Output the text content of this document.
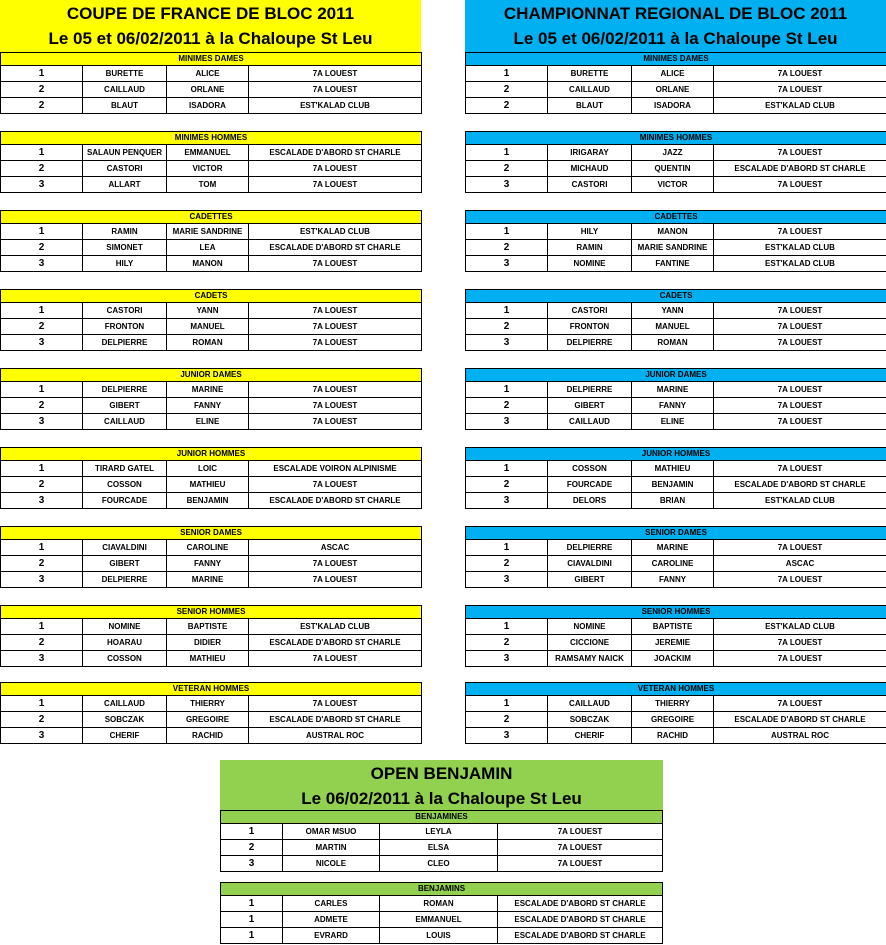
COUPE DE FRANCE DE BLOC 2011
Le 05 et 06/02/2011 à la Chaloupe St Leu
CHAMPIONNAT REGIONAL DE BLOC 2011
Le 05 et 06/02/2011 à la Chaloupe St Leu
OPEN BENJAMIN
Le 06/02/2011 à la Chaloupe St Leu
MINIMES DAMES			
1	BURETTE	ALICE	7A LOUEST
2	CAILLAUD	ORLANE	7A LOUEST
2	BLAUT	ISADORA	EST'KALAD CLUB
MINIMES DAMES			
1	BURETTE	ALICE	7A LOUEST
2	CAILLAUD	ORLANE	7A LOUEST
2	BLAUT	ISADORA	EST'KALAD CLUB
MINIMES HOMMES			
1	SALAUN PENQUER	EMMANUEL	ESCALADE D'ABORD ST CHARLE
2	CASTORI	VICTOR	7A LOUEST
3	ALLART	TOM	7A LOUEST
MINIMES HOMMES			
1	IRIGARAY	JAZZ	7A LOUEST
2	MICHAUD	QUENTIN	ESCALADE D'ABORD ST CHARLE
3	CASTORI	VICTOR	7A LOUEST
CADETTES			
1	RAMIN	MARIE SANDRINE	EST'KALAD CLUB
2	SIMONET	LEA	ESCALADE D'ABORD ST CHARLE
3	HILY	MANON	7A LOUEST
CADETTES			
1	HILY	MANON	7A LOUEST
2	RAMIN	MARIE SANDRINE	EST'KALAD CLUB
3	NOMINE	FANTINE	EST'KALAD CLUB
CADETS			
1	CASTORI	YANN	7A LOUEST
2	FRONTON	MANUEL	7A LOUEST
3	DELPIERRE	ROMAN	7A LOUEST
CADETS			
1	CASTORI	YANN	7A LOUEST
2	FRONTON	MANUEL	7A LOUEST
3	DELPIERRE	ROMAN	7A LOUEST
JUNIOR DAMES			
1	DELPIERRE	MARINE	7A LOUEST
2	GIBERT	FANNY	7A LOUEST
3	CAILLAUD	ELINE	7A LOUEST
JUNIOR DAMES			
1	DELPIERRE	MARINE	7A LOUEST
2	GIBERT	FANNY	7A LOUEST
3	CAILLAUD	ELINE	7A LOUEST
JUNIOR HOMMES			
1	TIRARD GATEL	LOIC	ESCALADE VOIRON ALPINISME
2	COSSON	MATHIEU	7A LOUEST
3	FOURCADE	BENJAMIN	ESCALADE D'ABORD ST CHARLE
JUNIOR HOMMES			
1	COSSON	MATHIEU	7A LOUEST
2	FOURCADE	BENJAMIN	ESCALADE D'ABORD ST CHARLE
3	DELORS	BRIAN	EST'KALAD CLUB
SENIOR DAMES			
1	CIAVALDINI	CAROLINE	ASCAC
2	GIBERT	FANNY	7A LOUEST
3	DELPIERRE	MARINE	7A LOUEST
SENIOR DAMES			
1	DELPIERRE	MARINE	7A LOUEST
2	CIAVALDINI	CAROLINE	ASCAC
3	GIBERT	FANNY	7A LOUEST
SENIOR HOMMES			
1	NOMINE	BAPTISTE	EST'KALAD CLUB
2	HOARAU	DIDIER	ESCALADE D'ABORD ST CHARLE
3	COSSON	MATHIEU	7A LOUEST
SENIOR HOMMES			
1	NOMINE	BAPTISTE	EST'KALAD CLUB
2	CICCIONE	JEREMIE	7A LOUEST
3	RAMSAMY NAICK	JOACKIM	7A LOUEST
VETERAN HOMMES			
1	CAILLAUD	THIERRY	7A LOUEST
2	SOBCZAK	GREGOIRE	ESCALADE D'ABORD ST CHARLE
3	CHERIF	RACHID	AUSTRAL ROC
VETERAN HOMMES			
1	CAILLAUD	THIERRY	7A LOUEST
2	SOBCZAK	GREGOIRE	ESCALADE D'ABORD ST CHARLE
3	CHERIF	RACHID	AUSTRAL ROC
BENJAMINES			
1	OMAR MSUO	LEYLA	7A LOUEST
2	MARTIN	ELSA	7A LOUEST
3	NICOLE	CLEO	7A LOUEST
BENJAMINS			
1	CARLES	ROMAN	ESCALADE D'ABORD ST CHARLE
1	ADMETE	EMMANUEL	ESCALADE D'ABORD ST CHARLE
1	EVRARD	LOUIS	ESCALADE D'ABORD ST CHARLE
